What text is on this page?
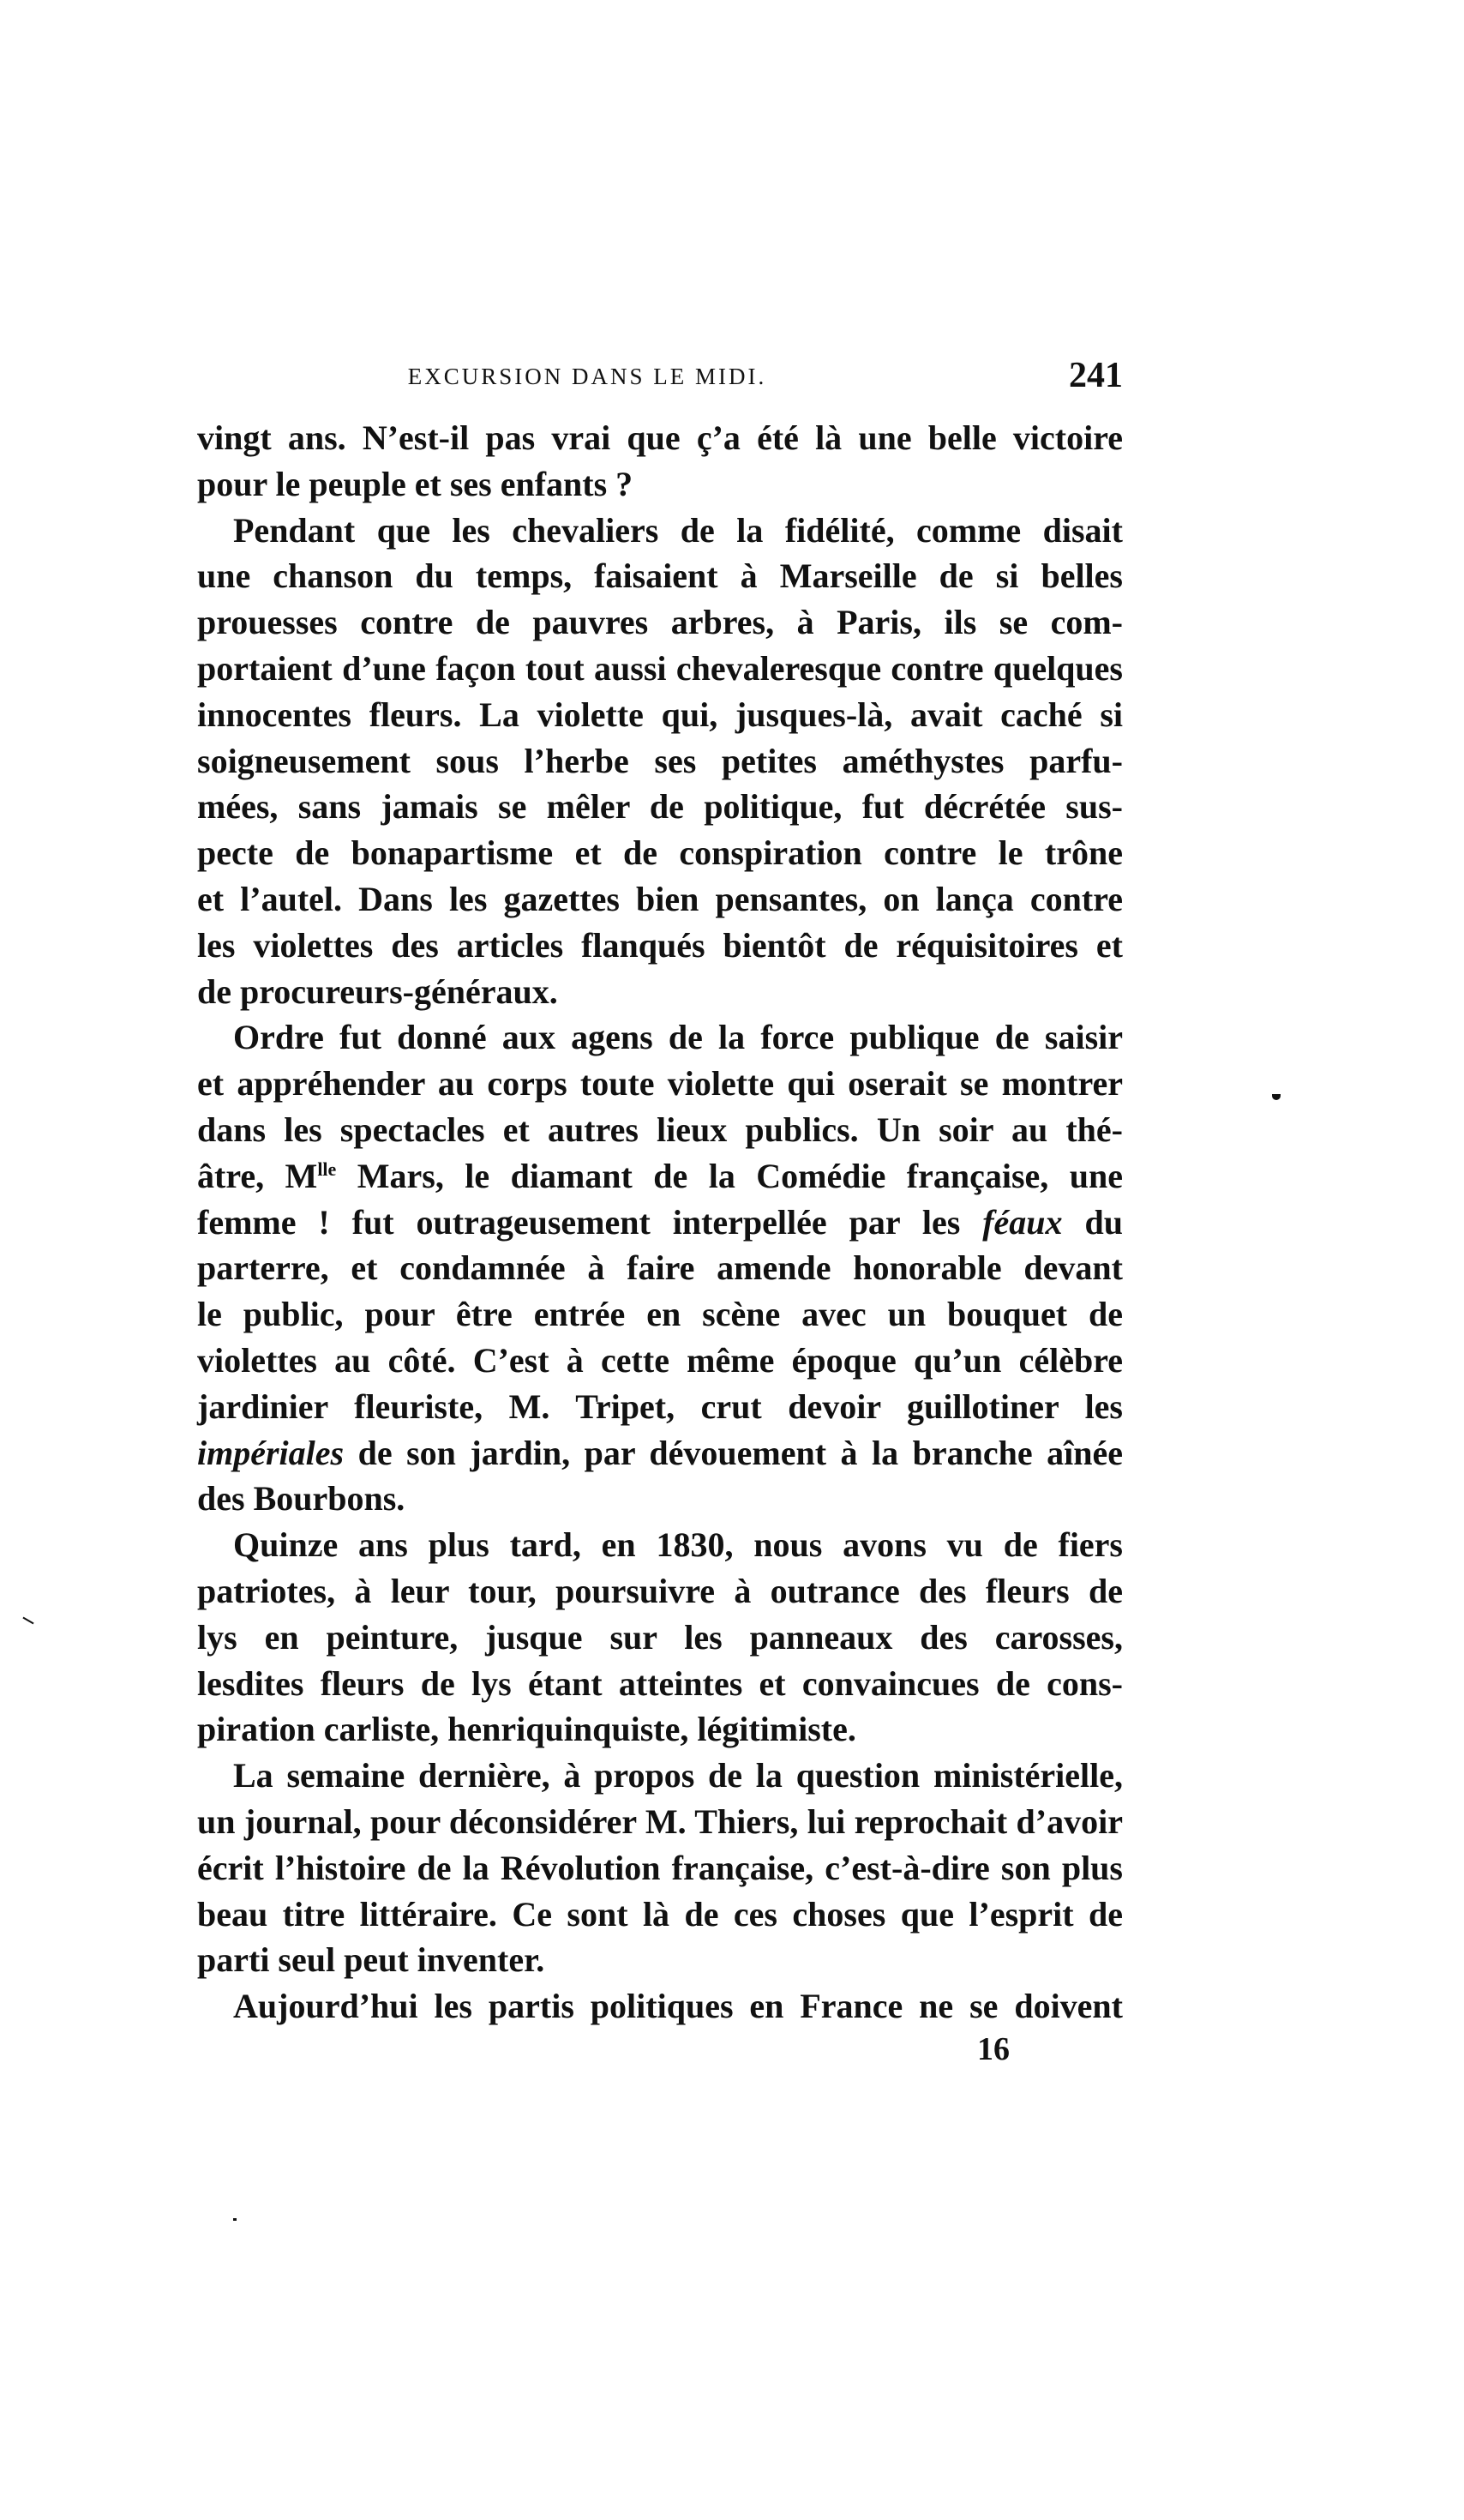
EXCURSION DANS LE MIDI.	241
vingt ans. N’est-il pas vrai que ç’a été là une belle victoire
pour le peuple et ses enfants ?
Pendant que les chevaliers de la fidélité, comme disait
une chanson du temps, faisaient à Marseille de si belles
prouesses contre de pauvres arbres, à Paris, ils se com-
portaient d’une façon tout aussi chevaleresque contre quelques
innocentes fleurs. La violette qui, jusques-là, avait caché si
soigneusement sous l’herbe ses petites améthystes parfu-
mées, sans jamais se mêler de politique, fut décrétée sus-
pecte de bonapartisme et de conspiration contre le trône
et l’autel. Dans les gazettes bien pensantes, on lança contre
les violettes des articles flanqués bientôt de réquisitoires et
de procureurs-généraux.
Ordre fut donné aux agens de la force publique de saisir
et appréhender au corps toute violette qui oserait se montrer
dans les spectacles et autres lieux publics. Un soir au thé-
âtre, $M^{lle}$ Mars, le diamant de la Comédie française, une
femme ! fut outrageusement interpellée par les féaux du
parterre, et condamnée à faire amende honorable devant
le public, pour être entrée en scène avec un bouquet de
violettes au côté. C’est à cette même époque qu’un célèbre
jardinier fleuriste, M. Tripet, crut devoir guillotiner les
impériales de son jardin, par dévouement à la branche aînée
des Bourbons.
Quinze ans plus tard, en 1830, nous avons vu de fiers
patriotes, à leur tour, poursuivre à outrance des fleurs de
lys en peinture, jusque sur les panneaux des carosses,
lesdites fleurs de lys étant atteintes et convaincues de cons-
piration carliste, henriquinquiste, légitimiste.
La semaine dernière, à propos de la question ministérielle,
un journal, pour déconsidérer M. Thiers, lui reprochait d’avoir
écrit l’histoire de la Révolution française, c’est-à-dire son plus
beau titre littéraire. Ce sont là de ces choses que l’esprit de
parti seul peut inventer.
Aujourd’hui les partis politiques en France ne se doivent
16
